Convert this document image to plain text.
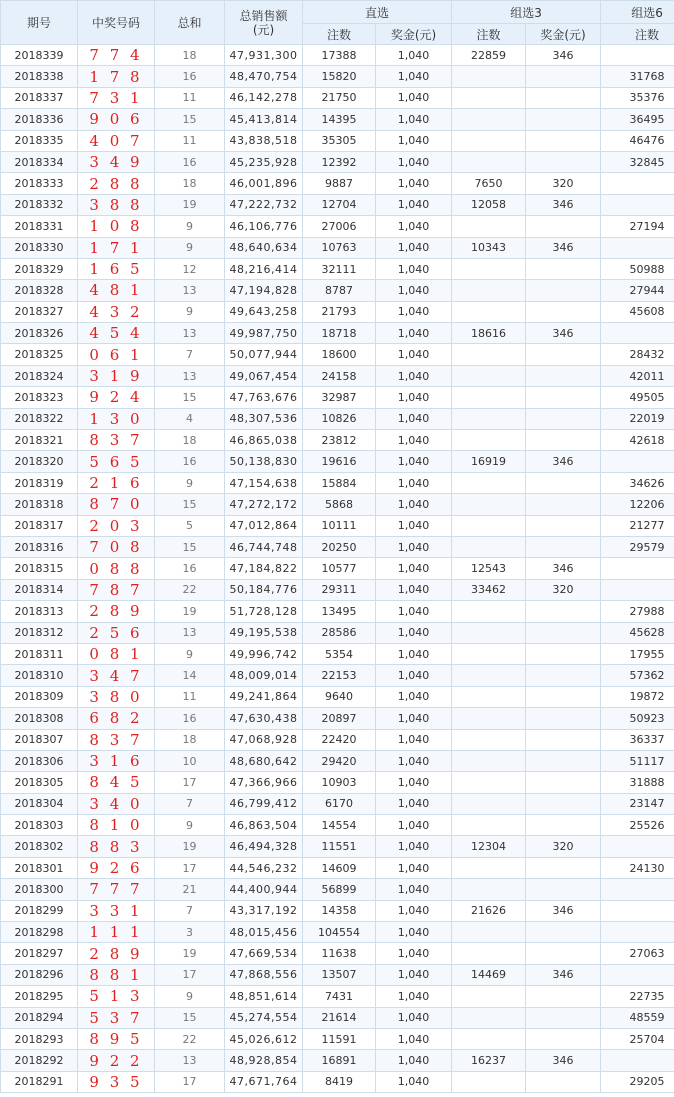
期号	中奖号码	总和	总销售额
(元)	直选		组选3		组选6
				注数	奖金(元)	注数	奖金(元)	注数
2018339	7 7 4	18	47,931,300	17388	1,040	22859	346	
2018338	1 7 8	16	48,470,754	15820	1,040			31768
2018337	7 3 1	11	46,142,278	21750	1,040			35376
2018336	9 0 6	15	45,413,814	14395	1,040			36495
2018335	4 0 7	11	43,838,518	35305	1,040			46476
2018334	3 4 9	16	45,235,928	12392	1,040			32845
2018333	2 8 8	18	46,001,896	9887	1,040	7650	320	
2018332	3 8 8	19	47,222,732	12704	1,040	12058	346	
2018331	1 0 8	9	46,106,776	27006	1,040			27194
2018330	1 7 1	9	48,640,634	10763	1,040	10343	346	
2018329	1 6 5	12	48,216,414	32111	1,040			50988
2018328	4 8 1	13	47,194,828	8787	1,040			27944
2018327	4 3 2	9	49,643,258	21793	1,040			45608
2018326	4 5 4	13	49,987,750	18718	1,040	18616	346	
2018325	0 6 1	7	50,077,944	18600	1,040			28432
2018324	3 1 9	13	49,067,454	24158	1,040			42011
2018323	9 2 4	15	47,763,676	32987	1,040			49505
2018322	1 3 0	4	48,307,536	10826	1,040			22019
2018321	8 3 7	18	46,865,038	23812	1,040			42618
2018320	5 6 5	16	50,138,830	19616	1,040	16919	346	
2018319	2 1 6	9	47,154,638	15884	1,040			34626
2018318	8 7 0	15	47,272,172	5868	1,040			12206
2018317	2 0 3	5	47,012,864	10111	1,040			21277
2018316	7 0 8	15	46,744,748	20250	1,040			29579
2018315	0 8 8	16	47,184,822	10577	1,040	12543	346	
2018314	7 8 7	22	50,184,776	29311	1,040	33462	320	
2018313	2 8 9	19	51,728,128	13495	1,040			27988
2018312	2 5 6	13	49,195,538	28586	1,040			45628
2018311	0 8 1	9	49,996,742	5354	1,040			17955
2018310	3 4 7	14	48,009,014	22153	1,040			57362
2018309	3 8 0	11	49,241,864	9640	1,040			19872
2018308	6 8 2	16	47,630,438	20897	1,040			50923
2018307	8 3 7	18	47,068,928	22420	1,040			36337
2018306	3 1 6	10	48,680,642	29420	1,040			51117
2018305	8 4 5	17	47,366,966	10903	1,040			31888
2018304	3 4 0	7	46,799,412	6170	1,040			23147
2018303	8 1 0	9	46,863,504	14554	1,040			25526
2018302	8 8 3	19	46,494,328	11551	1,040	12304	320	
2018301	9 2 6	17	44,546,232	14609	1,040			24130
2018300	7 7 7	21	44,400,944	56899	1,040			
2018299	3 3 1	7	43,317,192	14358	1,040	21626	346	
2018298	1 1 1	3	48,015,456	104554	1,040			
2018297	2 8 9	19	47,669,534	11638	1,040			27063
2018296	8 8 1	17	47,868,556	13507	1,040	14469	346	
2018295	5 1 3	9	48,851,614	7431	1,040			22735
2018294	5 3 7	15	45,274,554	21614	1,040			48559
2018293	8 9 5	22	45,026,612	11591	1,040			25704
2018292	9 2 2	13	48,928,854	16891	1,040	16237	346	
2018291	9 3 5	17	47,671,764	8419	1,040			29205
